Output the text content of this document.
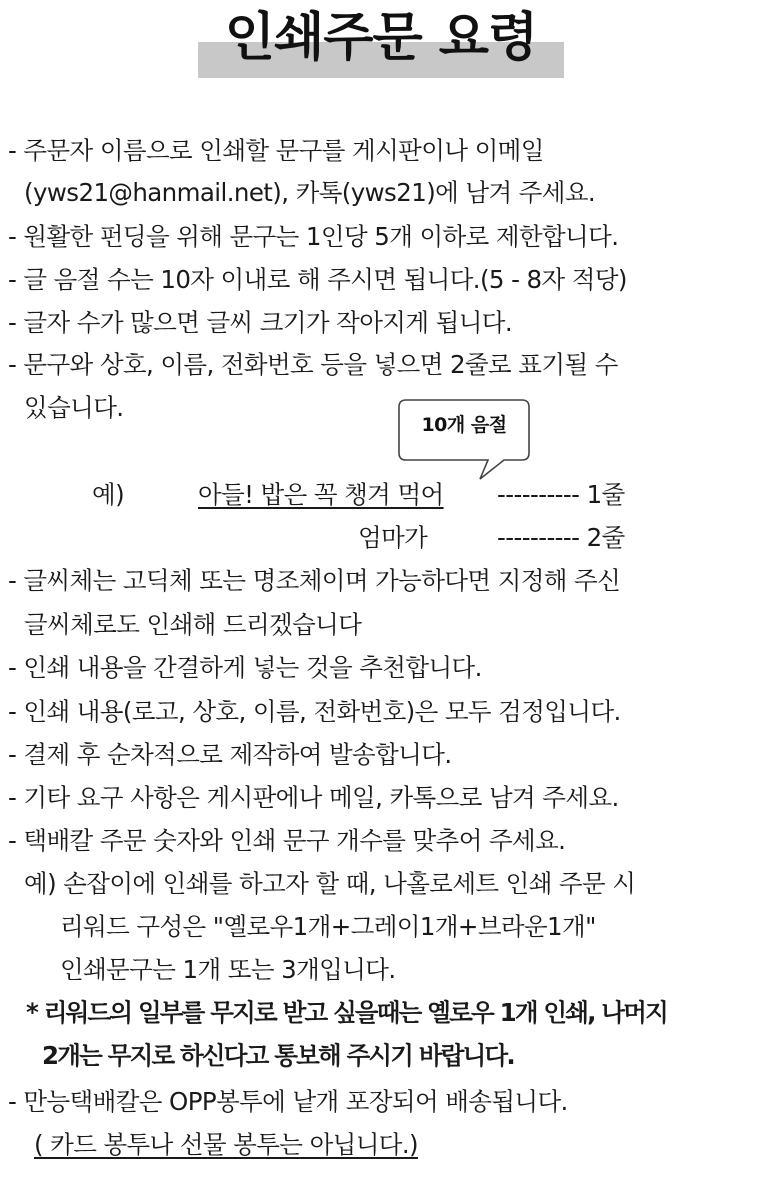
인쇄주문 요령
- 주문자 이름으로 인쇄할 문구를 게시판이나 이메일
(yws21@hanmail.net), 카톡(yws21)에 남겨 주세요.
- 원활한 펀딩을 위해 문구는 1인당 5개 이하로 제한합니다.
- 글 음절 수는 10자 이내로 해 주시면 됩니다.(5 - 8자 적당)
- 글자 수가 많으면 글씨 크기가 작아지게 됩니다.
- 문구와 상호, 이름, 전화번호 등을 넣으면 2줄로 표기될 수
있습니다.
10개 음절
예)	아들! 밥은 꼭 챙겨 먹어 ---------- 1줄
엄마가	---------- 2줄
- 글씨체는 고딕체 또는 명조체이며 가능하다면 지정해 주신
글씨체로도 인쇄해 드리겠습니다
- 인쇄 내용을 간결하게 넣는 것을 추천합니다.
- 인쇄 내용(로고, 상호, 이름, 전화번호)은 모두 검정입니다.
- 결제 후 순차적으로 제작하여 발송합니다.
- 기타 요구 사항은 게시판에나 메일, 카톡으로 남겨 주세요.
- 택배칼 주문 숫자와 인쇄 문구 개수를 맞추어 주세요.
예) 손잡이에 인쇄를 하고자 할 때, 나홀로세트 인쇄 주문 시
리워드 구성은 "옐로우1개+그레이1개+브라운1개"
인쇄문구는 1개 또는 3개입니다.
* 리워드의 일부를 무지로 받고 싶을때는 옐로우 1개 인쇄, 나머지
2개는 무지로 하신다고 통보해 주시기 바랍니다.
- 만능택배칼은 OPP봉투에 낱개 포장되어 배송됩니다.
( 카드 봉투나 선물 봉투는 아닙니다.)
